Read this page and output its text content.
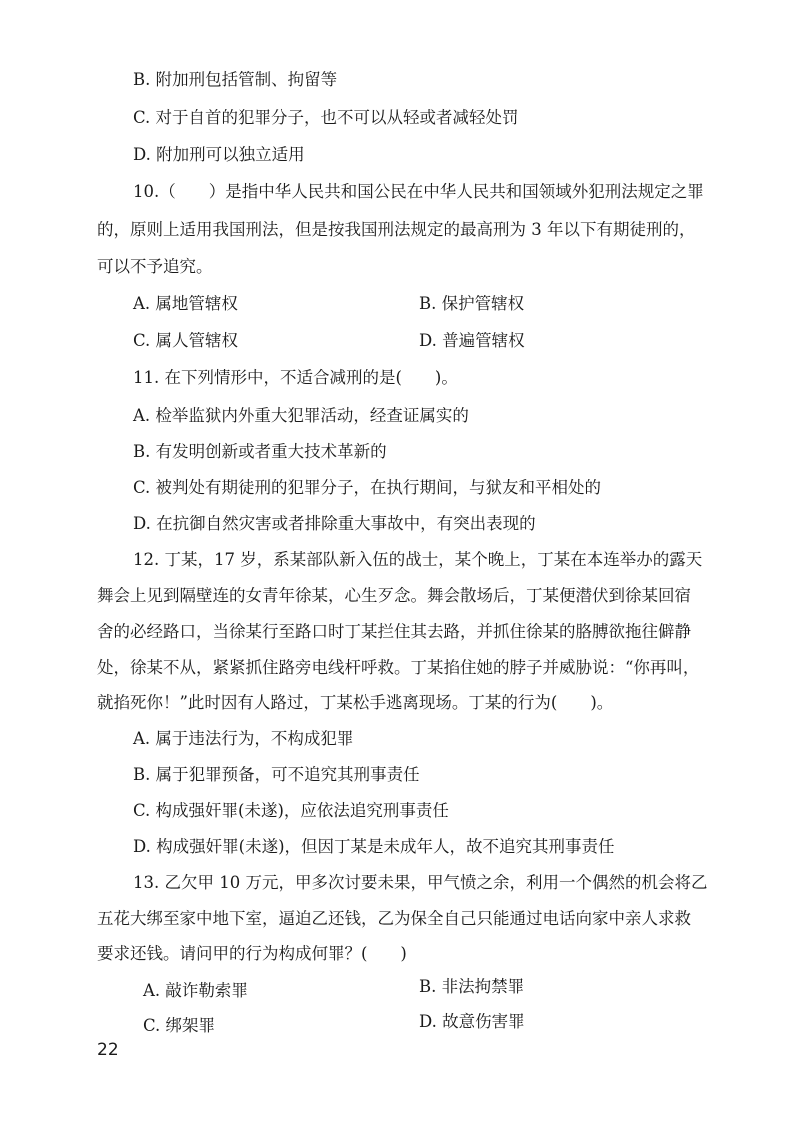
B. 附加刑包括管制、拘留等
C. 对于自首的犯罪分子，也不可以从轻或者减轻处罚
D. 附加刑可以独立适用
10.（　　）是指中华人民共和国公民在中华人民共和国领域外犯刑法规定之罪
的，原则上适用我国刑法，但是按我国刑法规定的最高刑为 3 年以下有期徒刑的，
可以不予追究。
A. 属地管辖权	B. 保护管辖权
C. 属人管辖权	D. 普遍管辖权
11. 在下列情形中，不适合减刑的是(　　)。
A. 检举监狱内外重大犯罪活动，经查证属实的
B. 有发明创新或者重大技术革新的
C. 被判处有期徒刑的犯罪分子，在执行期间，与狱友和平相处的
D. 在抗御自然灾害或者排除重大事故中，有突出表现的
12. 丁某，17 岁，系某部队新入伍的战士，某个晚上，丁某在本连举办的露天
舞会上见到隔壁连的女青年徐某，心生歹念。舞会散场后，丁某便潜伏到徐某回宿
舍的必经路口，当徐某行至路口时丁某拦住其去路，并抓住徐某的胳膊欲拖往僻静
处，徐某不从，紧紧抓住路旁电线杆呼救。丁某掐住她的脖子并威胁说：“你再叫，
就掐死你！”此时因有人路过，丁某松手逃离现场。丁某的行为(　　)。
A. 属于违法行为，不构成犯罪
B. 属于犯罪预备，可不追究其刑事责任
C. 构成强奸罪(未遂)，应依法追究刑事责任
D. 构成强奸罪(未遂)，但因丁某是未成年人，故不追究其刑事责任
13. 乙欠甲 10 万元，甲多次讨要未果，甲气愤之余，利用一个偶然的机会将乙
五花大绑至家中地下室，逼迫乙还钱，乙为保全自己只能通过电话向家中亲人求救
要求还钱。请问甲的行为构成何罪？(　　)
A. 敲诈勒索罪	B. 非法拘禁罪
C. 绑架罪	D. 故意伤害罪
22
